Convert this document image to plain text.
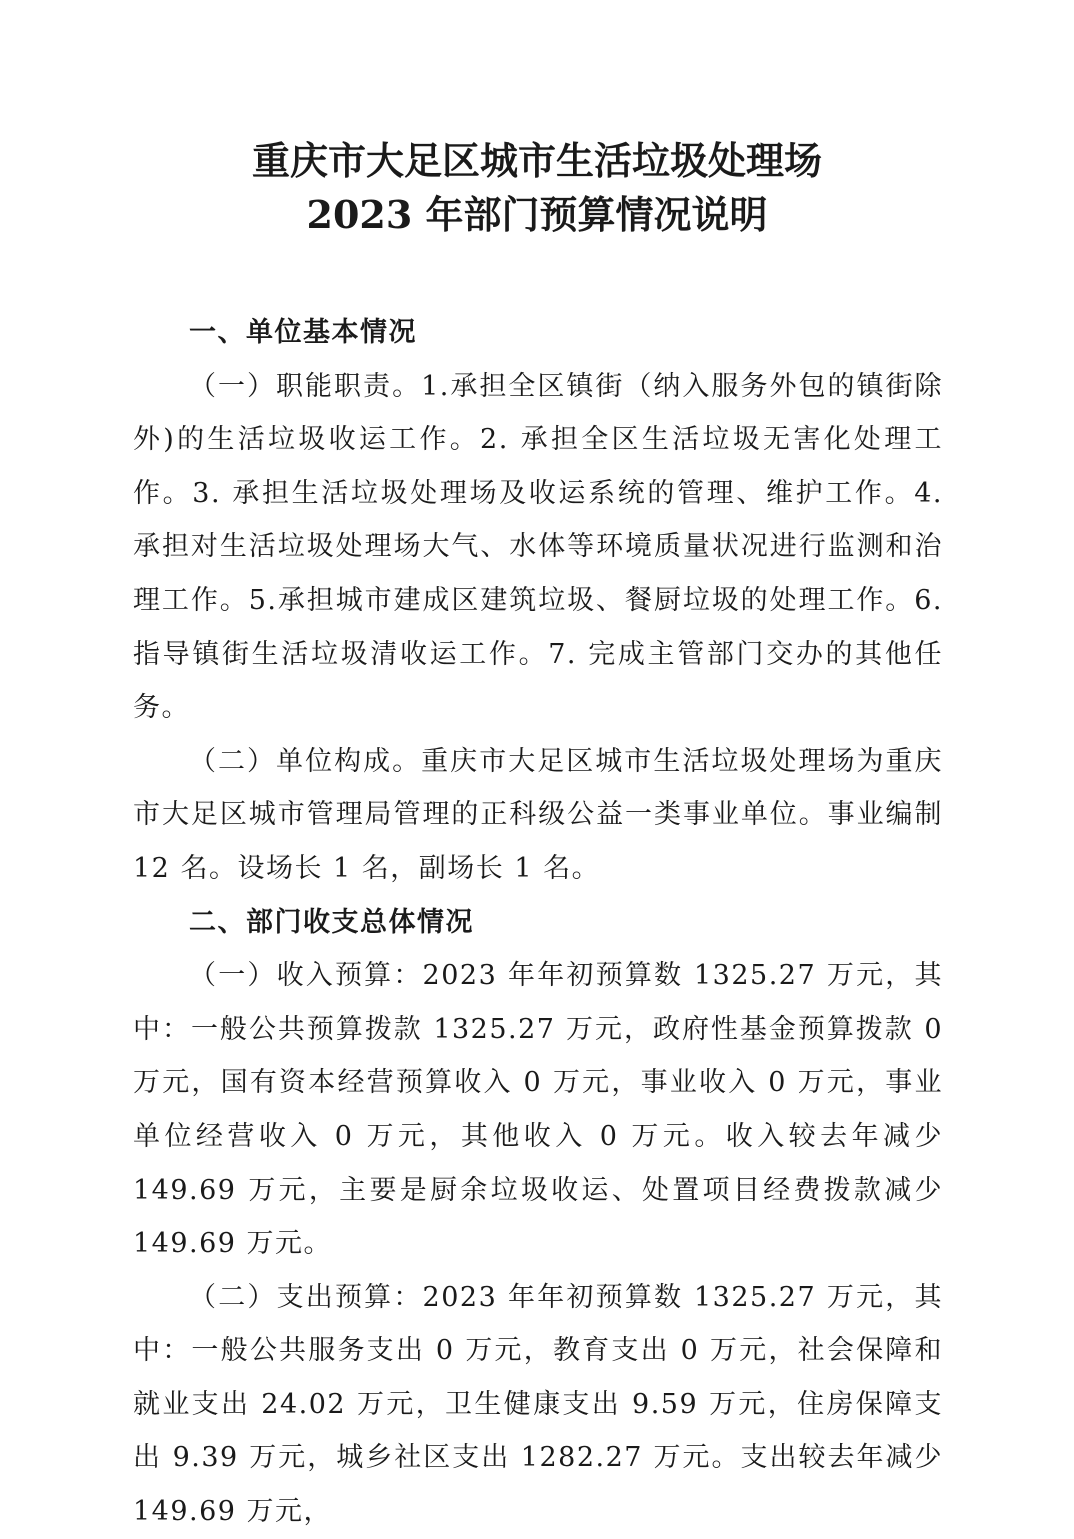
重庆市大足区城市生活垃圾处理场
2023 年部门预算情况说明

一、单位基本情况

（一）职能职责。1.承担全区镇街（纳入服务外包的镇街除外)的生活垃圾收运工作。2. 承担全区生活垃圾无害化处理工作。3. 承担生活垃圾处理场及收运系统的管理、维护工作。4. 承担对生活垃圾处理场大气、水体等环境质量状况进行监测和治理工作。5.承担城市建成区建筑垃圾、餐厨垃圾的处理工作。6. 指导镇街生活垃圾清收运工作。7. 完成主管部门交办的其他任务。

（二）单位构成。重庆市大足区城市生活垃圾处理场为重庆市大足区城市管理局管理的正科级公益一类事业单位。事业编制 12 名。设场长 1 名，副场长 1 名。

二、部门收支总体情况

（一）收入预算：2023 年年初预算数 1325.27 万元，其中：一般公共预算拨款 1325.27 万元，政府性基金预算拨款 0 万元，国有资本经营预算收入 0 万元，事业收入 0 万元，事业单位经营收入 0 万元，其他收入 0 万元。收入较去年减少 149.69 万元，主要是厨余垃圾收运、处置项目经费拨款减少 149.69 万元。

（二）支出预算：2023 年年初预算数 1325.27 万元，其中：一般公共服务支出 0 万元，教育支出 0 万元，社会保障和就业支出 24.02 万元，卫生健康支出 9.59 万元，住房保障支出 9.39 万元，城乡社区支出 1282.27 万元。支出较去年减少 149.69 万元，
